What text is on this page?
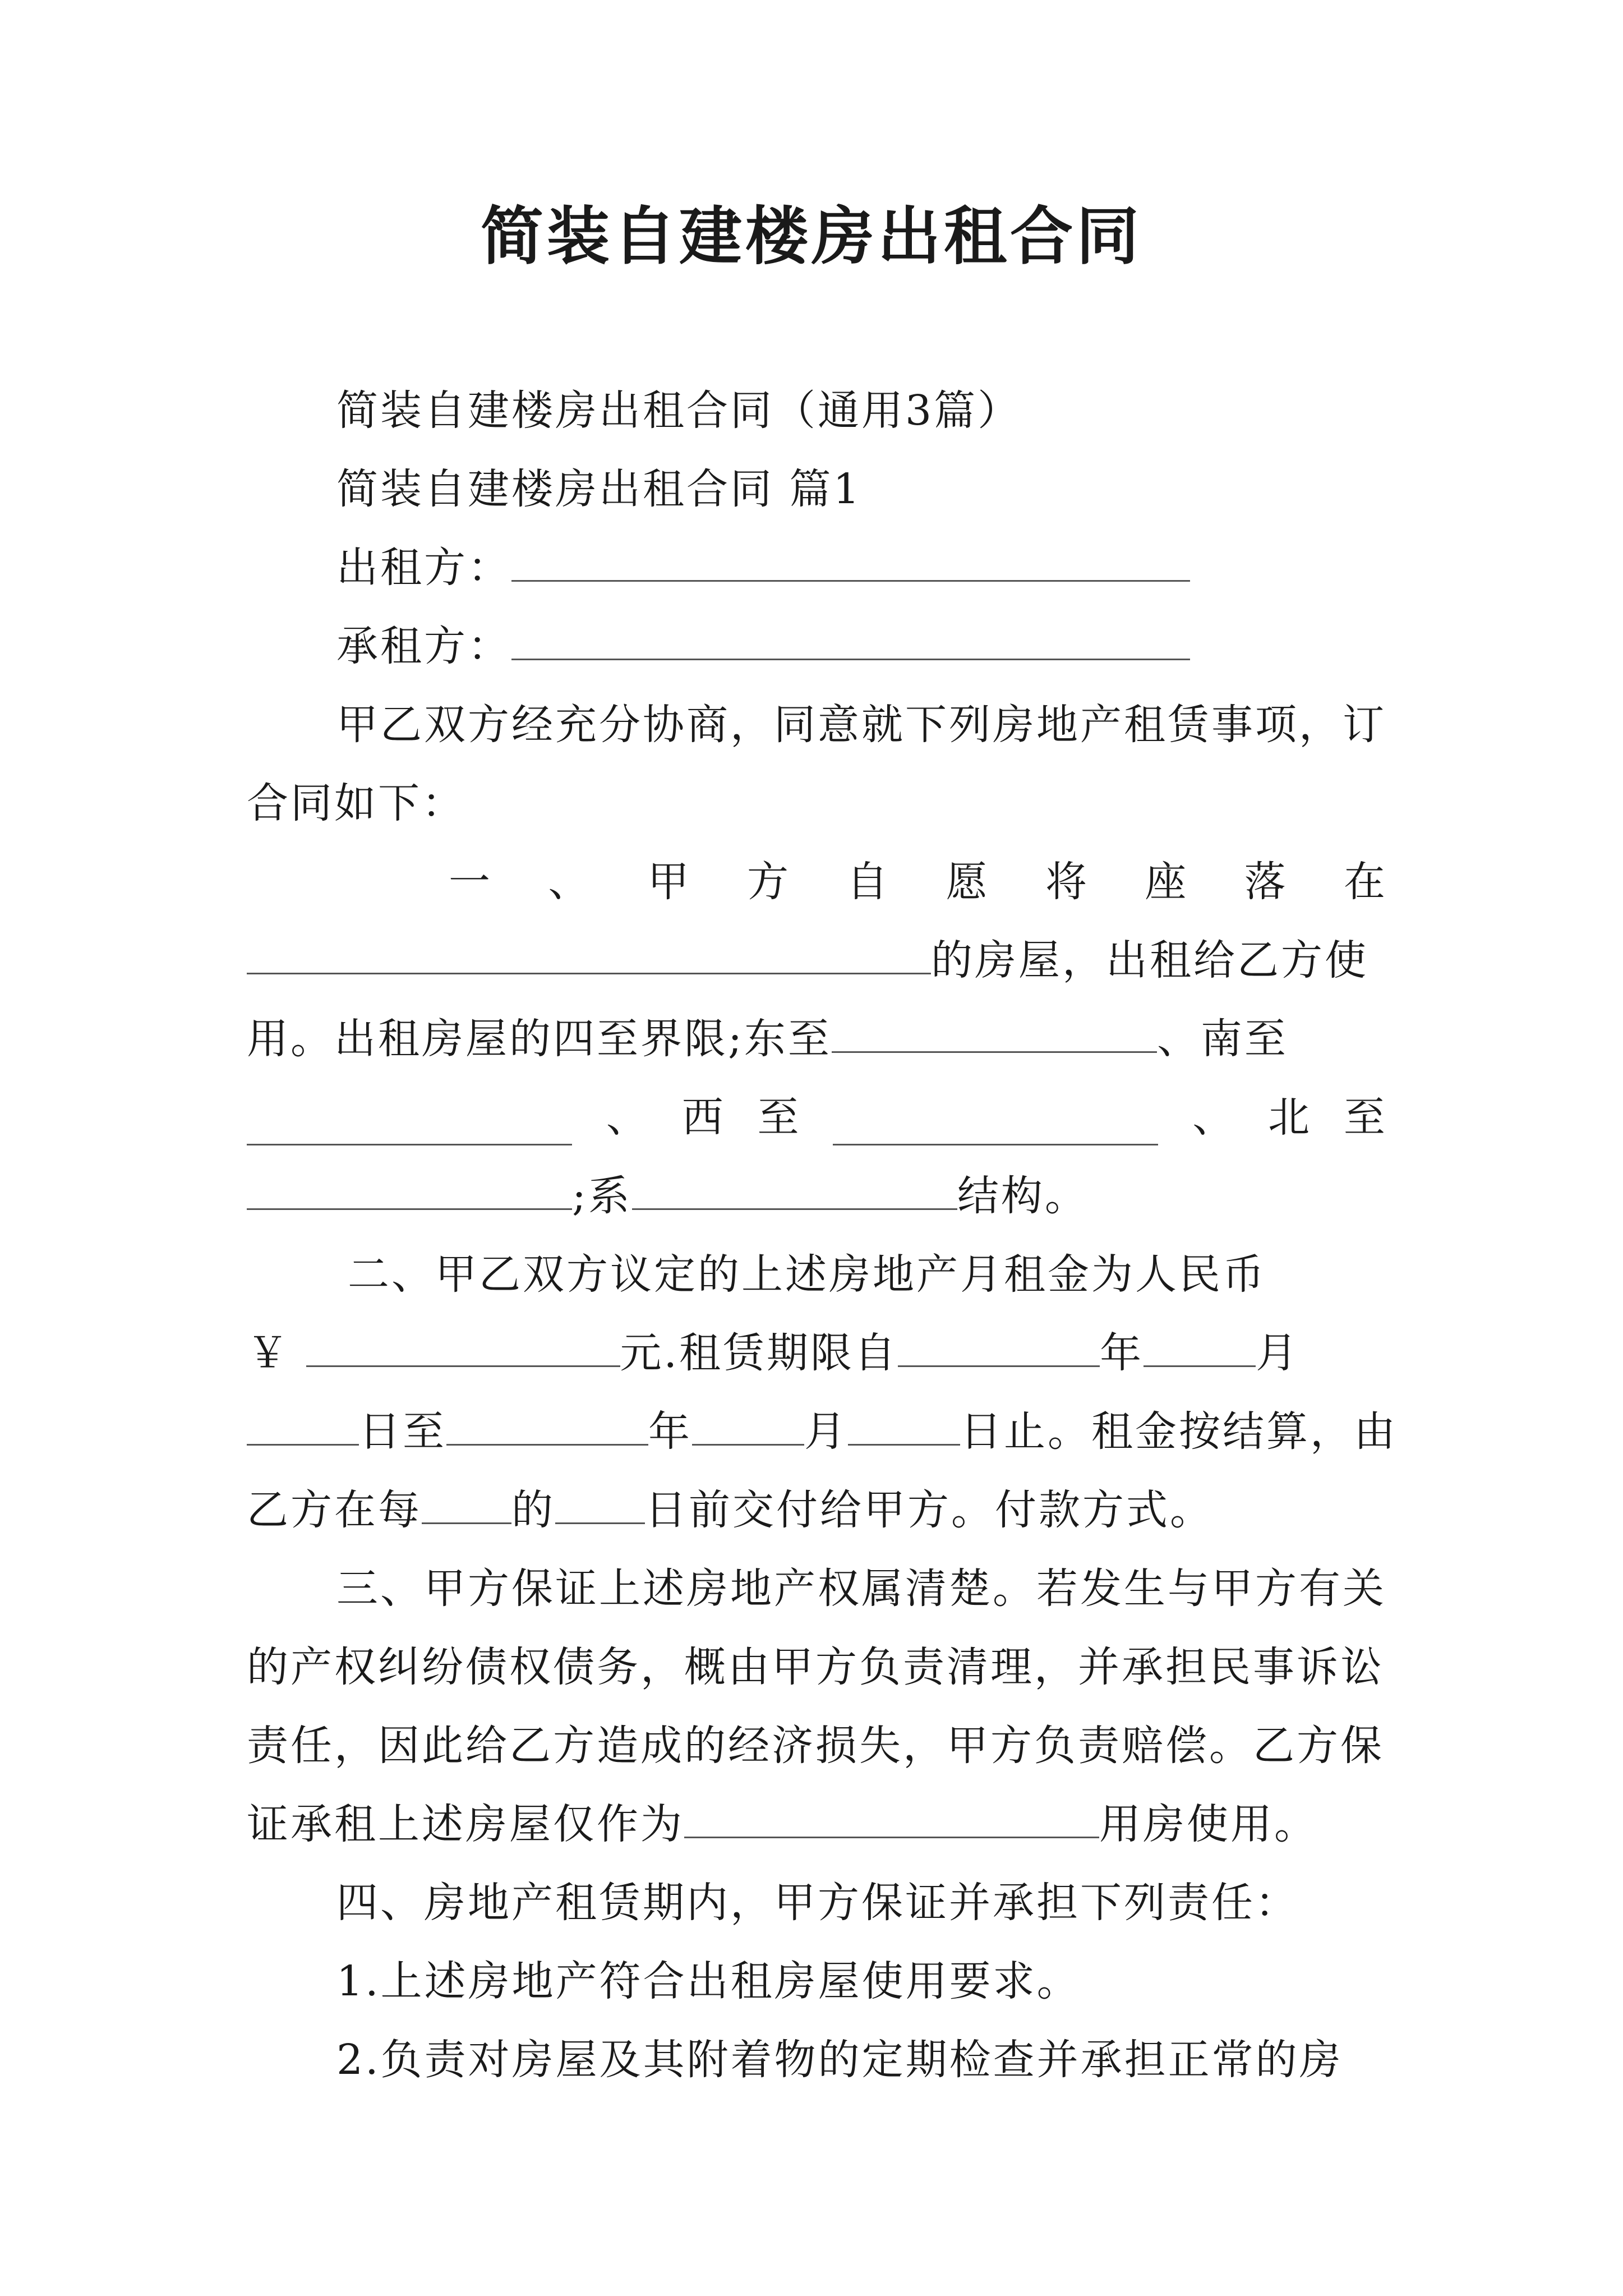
简装自建楼房出租合同
简装自建楼房出租合同（通用3篇）
简装自建楼房出租合同 篇1
出租方：
承租方：
甲乙双方经充分协商，同意就下列房地产租赁事项，订
合同如下：
一 、 甲 方 自 愿 将 座 落 在
的房屋，出租给乙方使
用。出租房屋的四至界限;东至	、南至
、 西 至	、 北 至
;系	结构。
二、甲乙双方议定的上述房地产月租金为人民币
￥	元.租赁期限自	年	月
日至	年	月	日止。租金按结算，由
乙方在每 的 日前交付给甲方。付款方式。
三、甲方保证上述房地产权属清楚。若发生与甲方有关
的产权纠纷债权债务，概由甲方负责清理，并承担民事诉讼
责任，因此给乙方造成的经济损失，甲方负责赔偿。乙方保
证承租上述房屋仅作为	用房使用。
四、房地产租赁期内，甲方保证并承担下列责任：
1.上述房地产符合出租房屋使用要求。
2.负责对房屋及其附着物的定期检查并承担正常的房
